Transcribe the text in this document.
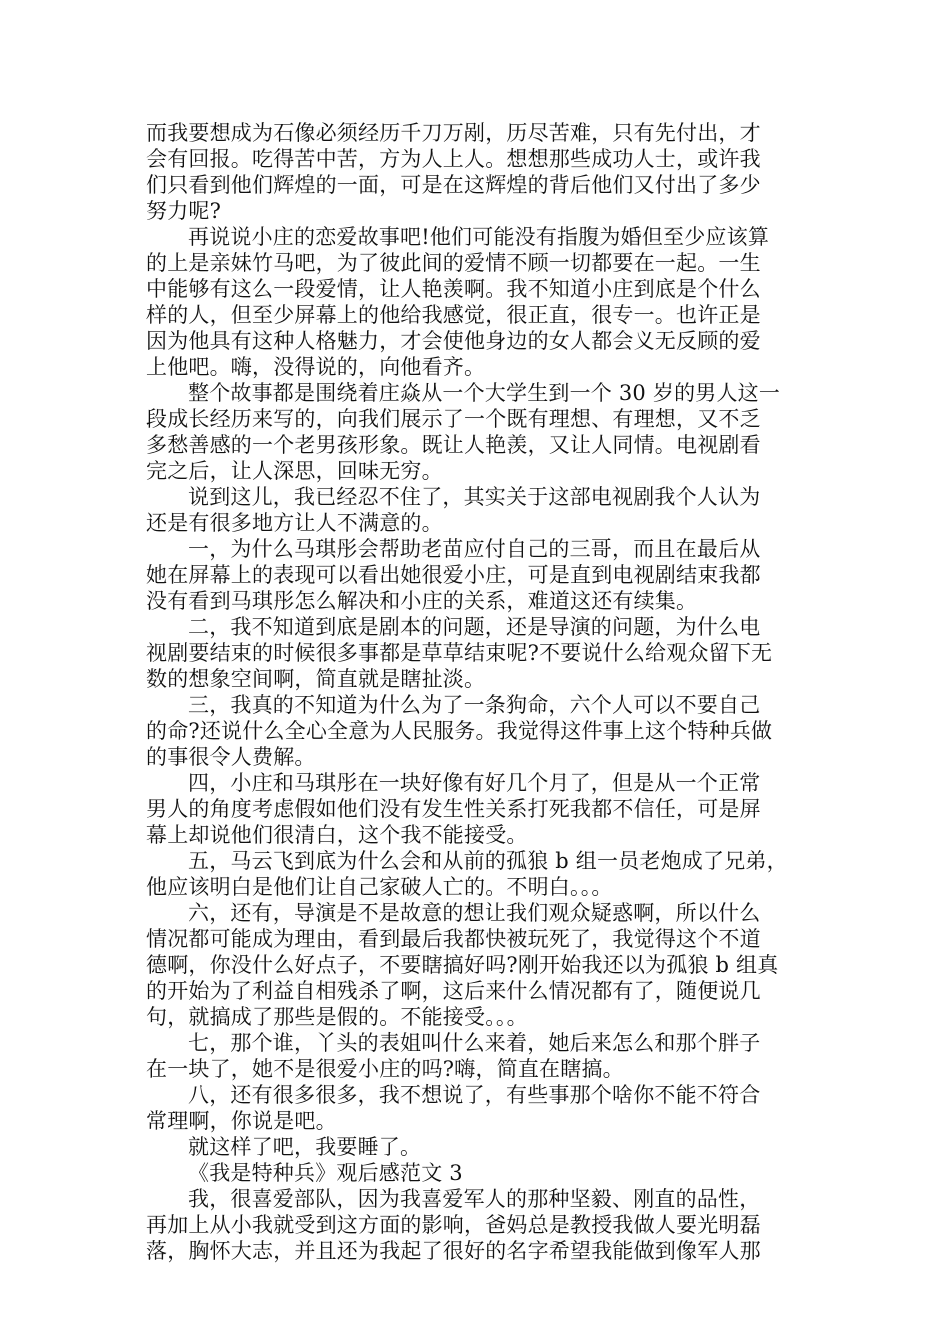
而我要想成为石像必须经历千刀万剐，历尽苦难，只有先付出，才
会有回报。吃得苦中苦，方为人上人。想想那些成功人士，或许我
们只看到他们辉煌的一面，可是在这辉煌的背后他们又付出了多少
努力呢?
再说说小庄的恋爱故事吧!他们可能没有指腹为婚但至少应该算
的上是亲妹竹马吧，为了彼此间的爱情不顾一切都要在一起。一生
中能够有这么一段爱情，让人艳羡啊。我不知道小庄到底是个什么
样的人，但至少屏幕上的他给我感觉，很正直，很专一。也许正是
因为他具有这种人格魅力，才会使他身边的女人都会义无反顾的爱
上他吧。嗨，没得说的，向他看齐。
整个故事都是围绕着庄焱从一个大学生到一个 30 岁的男人这一
段成长经历来写的，向我们展示了一个既有理想、有理想，又不乏
多愁善感的一个老男孩形象。既让人艳羡，又让人同情。电视剧看
完之后，让人深思，回味无穷。
说到这儿，我已经忍不住了，其实关于这部电视剧我个人认为
还是有很多地方让人不满意的。
一，为什么马琪彤会帮助老苗应付自己的三哥，而且在最后从
她在屏幕上的表现可以看出她很爱小庄，可是直到电视剧结束我都
没有看到马琪彤怎么解决和小庄的关系，难道这还有续集。
二，我不知道到底是剧本的问题，还是导演的问题，为什么电
视剧要结束的时候很多事都是草草结束呢?不要说什么给观众留下无
数的想象空间啊，简直就是瞎扯淡。
三，我真的不知道为什么为了一条狗命，六个人可以不要自己
的命?还说什么全心全意为人民服务。我觉得这件事上这个特种兵做
的事很令人费解。
四，小庄和马琪彤在一块好像有好几个月了，但是从一个正常
男人的角度考虑假如他们没有发生性关系打死我都不信任，可是屏
幕上却说他们很清白，这个我不能接受。
五，马云飞到底为什么会和从前的孤狼 b 组一员老炮成了兄弟，
他应该明白是他们让自己家破人亡的。不明白。。。
六，还有，导演是不是故意的想让我们观众疑惑啊，所以什么
情况都可能成为理由，看到最后我都快被玩死了，我觉得这个不道
德啊，你没什么好点子，不要瞎搞好吗?刚开始我还以为孤狼 b 组真
的开始为了利益自相残杀了啊，这后来什么情况都有了，随便说几
句，就搞成了那些是假的。不能接受。。。
七，那个谁，丫头的表姐叫什么来着，她后来怎么和那个胖子
在一块了，她不是很爱小庄的吗?嗨，简直在瞎搞。
八，还有很多很多，我不想说了，有些事那个啥你不能不符合
常理啊，你说是吧。
就这样了吧，我要睡了。
《我是特种兵》观后感范文 3
我，很喜爱部队，因为我喜爱军人的那种坚毅、刚直的品性，
再加上从小我就受到这方面的影响，爸妈总是教授我做人要光明磊
落，胸怀大志，并且还为我起了很好的名字希望我能做到像军人那
